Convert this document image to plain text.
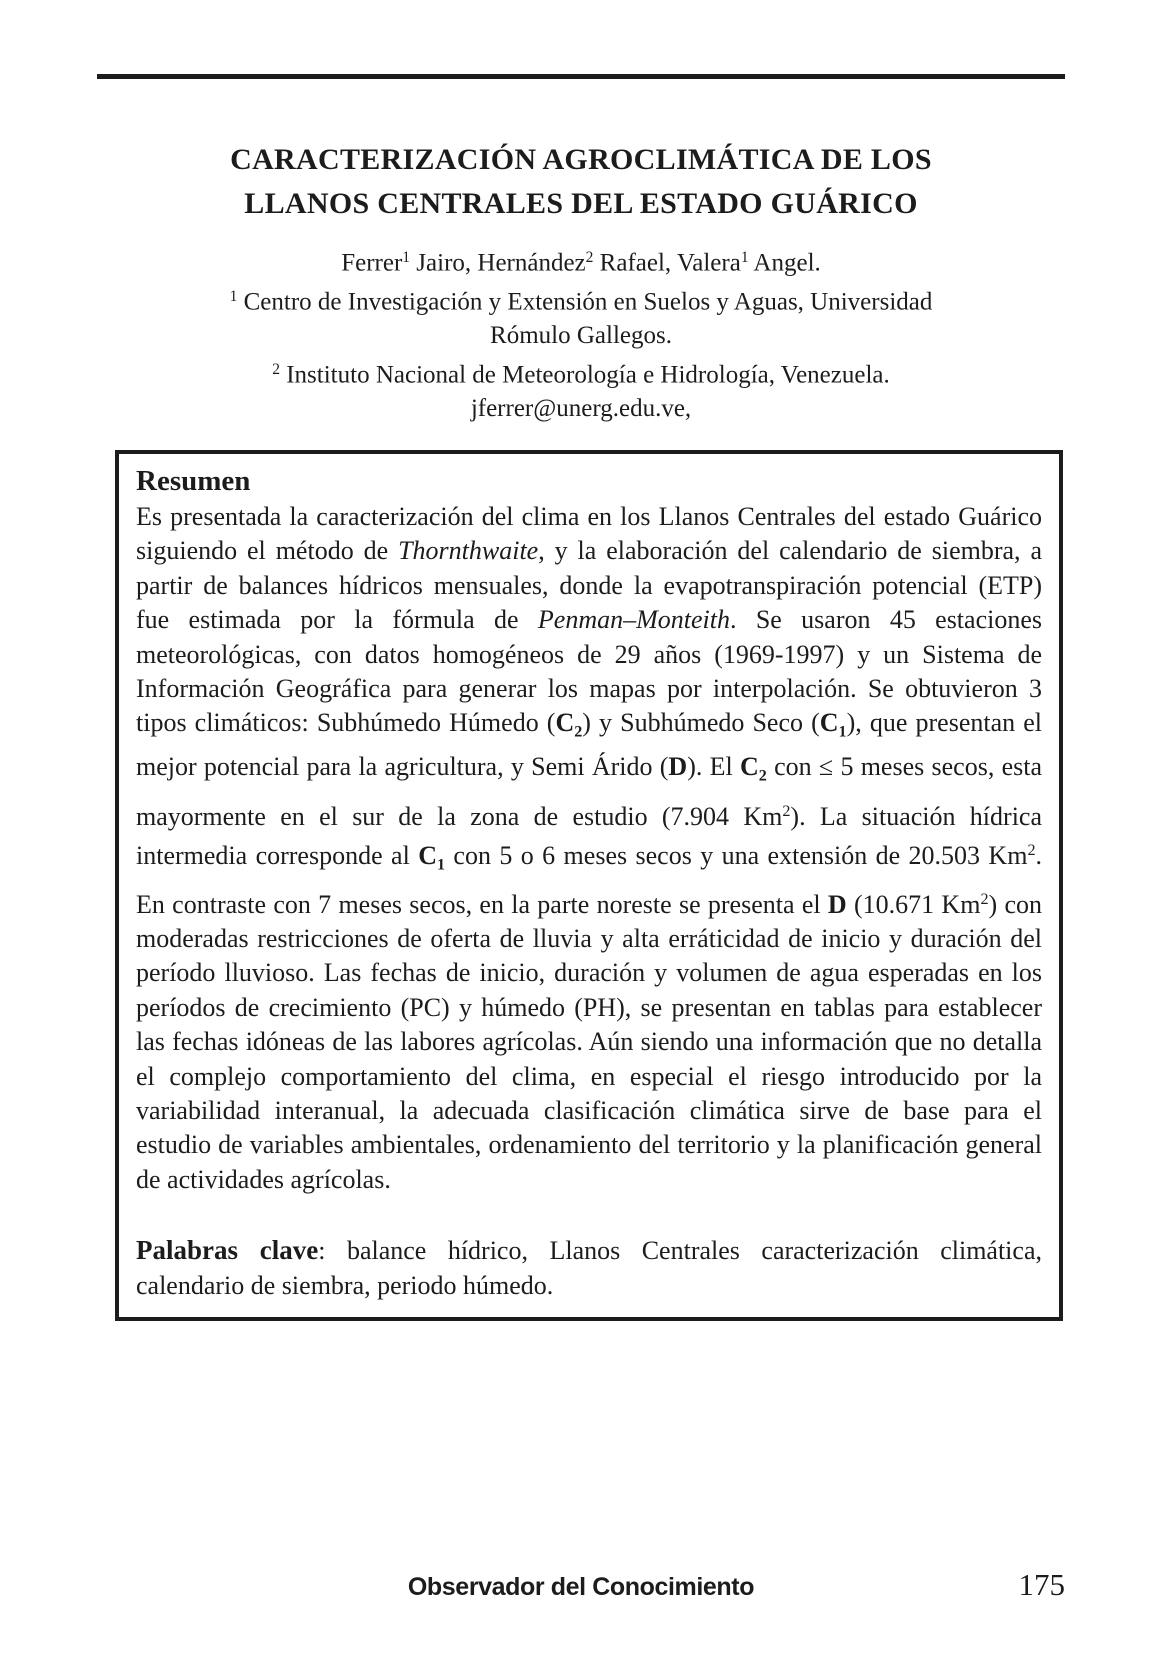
CARACTERIZACIÓN AGROCLIMÁTICA DE LOS
LLANOS CENTRALES DEL ESTADO GUÁRICO

Ferrer$^1$ Jairo, Hernández$^2$ Rafael, Valera$^1$ Angel.

$^1$ Centro de Investigación y Extensión en Suelos y Aguas, Universidad
Rómulo Gallegos.

$^2$ Instituto Nacional de Meteorología e Hidrología, Venezuela.

jferrer@unerg.edu.ve,

Resumen

Es presentada la caracterización del clima en los Llanos Centrales del estado Guárico siguiendo el método de Thornthwaite, y la elaboración del calendario de siembra, a partir de balances hídricos mensuales, donde la evapotranspiración potencial (ETP) fue estimada por la fórmula de Penman–Monteith. Se usaron 45 estaciones meteorológicas, con datos homogéneos de 29 años (1969-1997) y un Sistema de Información Geográfica para generar los mapas por interpolación. Se obtuvieron 3 tipos climáticos: Subhúmedo Húmedo $(C_2)$ y Subhúmedo Seco $(C_1)$, que presentan el mejor potencial para la agricultura, y Semi Árido (D). El $C_2$ con ≤ 5 meses secos, esta mayormente en el sur de la zona de estudio (7.904 Km$^2$). La situación hídrica intermedia corresponde al $C_1$ con 5 o 6 meses secos y una extensión de 20.503 Km$^2$. En contraste con 7 meses secos, en la parte noreste se presenta el D (10.671 Km$^2$) con moderadas restricciones de oferta de lluvia y alta erráticidad de inicio y duración del período lluvioso. Las fechas de inicio, duración y volumen de agua esperadas en los períodos de crecimiento (PC) y húmedo (PH), se presentan en tablas para establecer las fechas idóneas de las labores agrícolas. Aún siendo una información que no detalla el complejo comportamiento del clima, en especial el riesgo introducido por la variabilidad interanual, la adecuada clasificación climática sirve de base para el estudio de variables ambientales, ordenamiento del territorio y la planificación general de actividades agrícolas.

Palabras clave: balance hídrico, Llanos Centrales caracterización climática, calendario de siembra, periodo húmedo.

Observador del Conocimiento	175
